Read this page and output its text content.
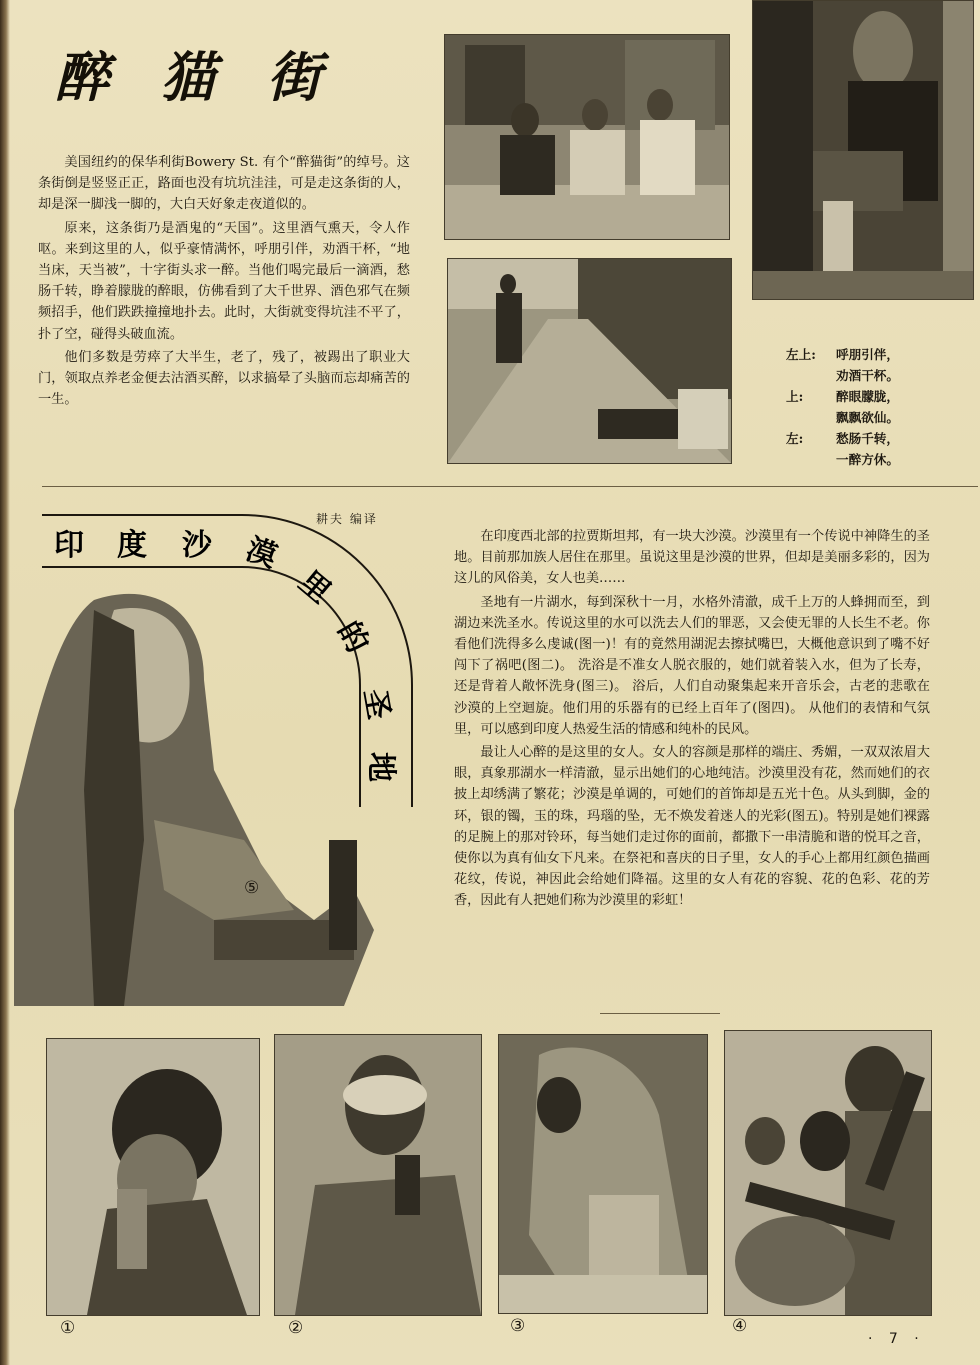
醉猫街

美国纽约的保华利街Bowery St. 有个“醉猫街”的绰号。这条街倒是竖竖正正，路面也没有坑坑洼洼，可是走这条街的人，却是深一脚浅一脚的，大白天好象走夜道似的。

原来，这条街乃是酒鬼的“天国”。这里酒气熏天，令人作呕。来到这里的人，似乎豪情满怀，呼朋引伴，劝酒干杯，“地当床，天当被”，十字街头求一醉。当他们喝完最后一滴酒，愁肠千转，睁着朦胧的醉眼，仿佛看到了大千世界、酒色邪气在频频招手，他们跌跌撞撞地扑去。此时，大街就变得坑洼不平了，扑了空，碰得头破血流。

他们多数是劳瘁了大半生，老了，残了，被踢出了职业大门，领取点养老金便去沽酒买醉，以求搞晕了头脑而忘却痛苦的一生。

左上:	呼朋引伴，
劝酒干杯。
上:	醉眼朦胧，
飘飘欲仙。
左:	愁肠千转，
一醉方休。
印 度 沙 漠
里
的
圣
地
耕夫 编译
⑤

在印度西北部的拉贾斯坦邦，有一块大沙漠。沙漠里有一个传说中神降生的圣地。目前那加族人居住在那里。虽说这里是沙漠的世界，但却是美丽多彩的，因为这儿的风俗美，女人也美……

圣地有一片湖水，每到深秋十一月，水格外清澈，成千上万的人蜂拥而至，到湖边来洗圣水。传说这里的水可以洗去人们的罪恶，又会使无罪的人长生不老。你看他们洗得多么虔诚(图一)！有的竟然用湖泥去擦拭嘴巴，大概他意识到了嘴不好闯下了祸吧(图二)。 洗浴是不准女人脱衣服的，她们就着装入水，但为了长寿，还是背着人敞怀洗身(图三)。 浴后，人们自动聚集起来开音乐会，古老的悲歌在沙漠的上空迴旋。他们用的乐器有的已经上百年了(图四)。 从他们的表情和气氛里，可以感到印度人热爱生活的情感和纯朴的民风。

最让人心醉的是这里的女人。女人的容颜是那样的端庄、秀媚，一双双浓眉大眼，真象那湖水一样清澈，显示出她们的心地纯洁。沙漠里没有花，然而她们的衣披上却绣满了繁花；沙漠是单调的，可她们的首饰却是五光十色。从头到脚，金的环，银的镯，玉的珠，玛瑙的坠，无不焕发着迷人的光彩(图五)。特别是她们裸露的足腕上的那对铃环，每当她们走过你的面前，都撒下一串清脆和谐的悦耳之音，使你以为真有仙女下凡来。在祭祀和喜庆的日子里，女人的手心上都用红颜色描画花纹，传说，神因此会给她们降福。这里的女人有花的容貌、花的色彩、花的芳香，因此有人把她们称为沙漠里的彩虹！

①	②	③	④
· 7 ·
